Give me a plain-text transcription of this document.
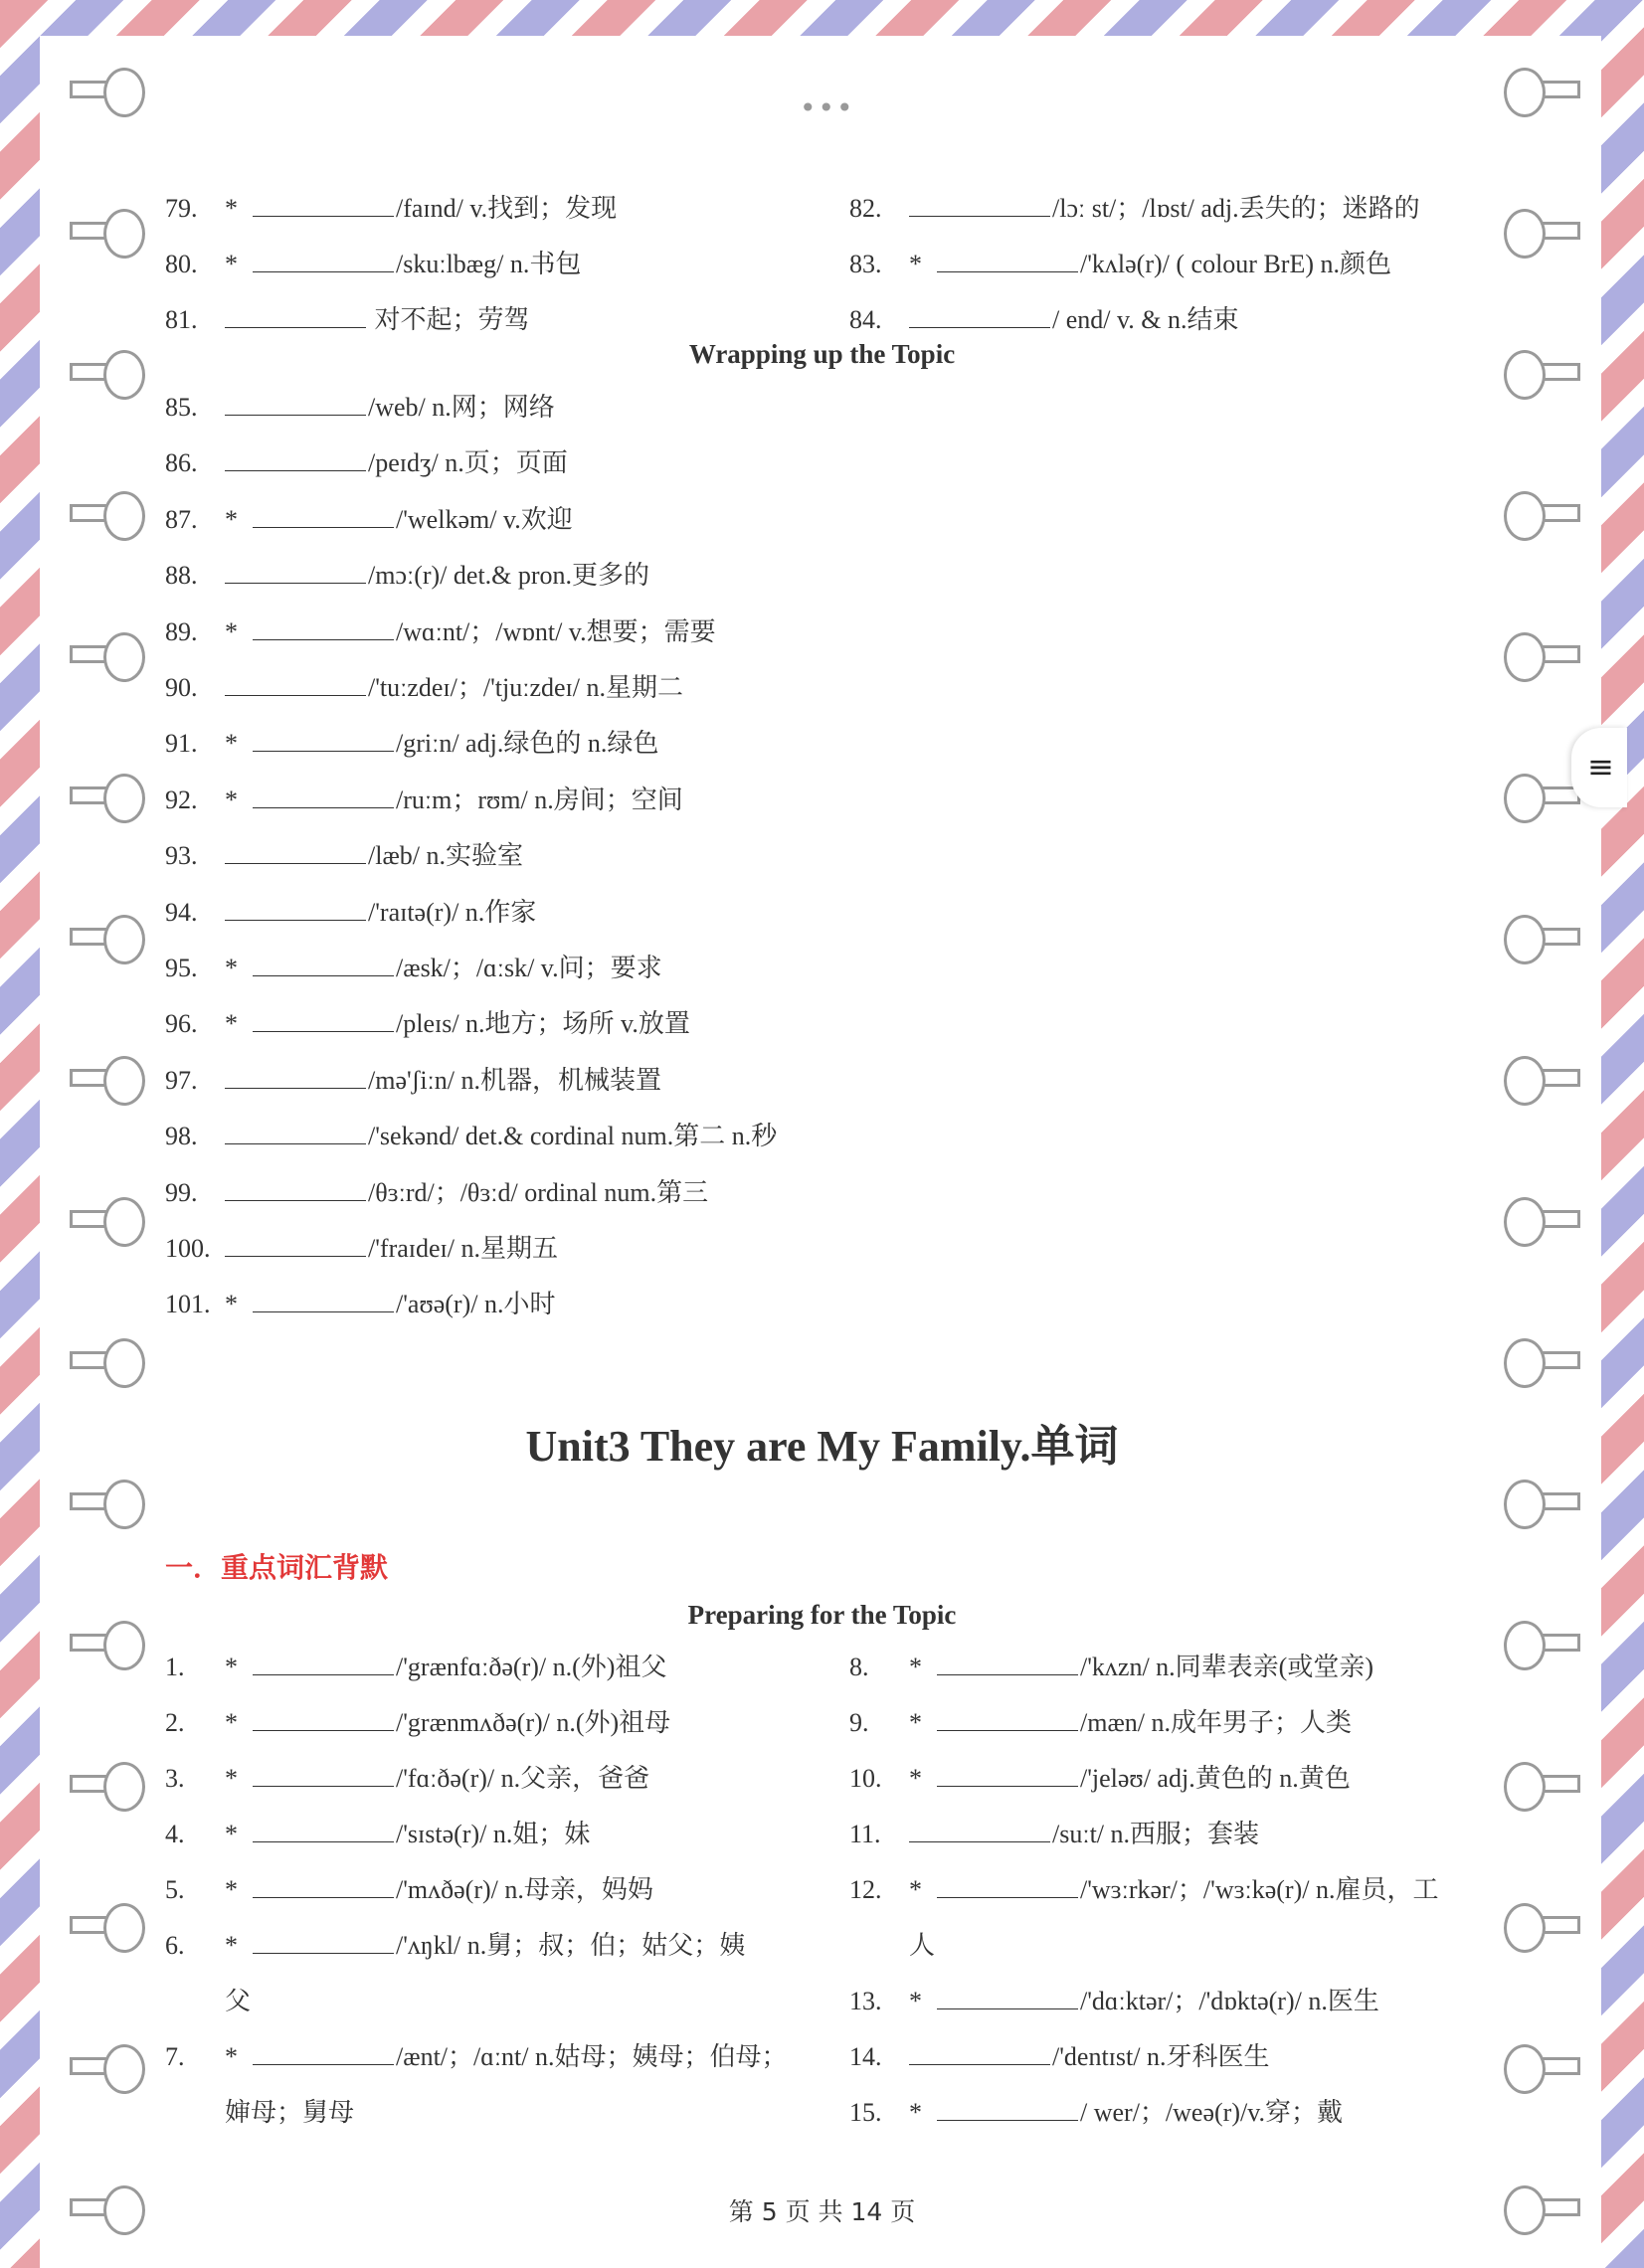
•••
≡
Wrapping up the Topic
Unit3 They are My Family.单词
一．重点词汇背默
Preparing for the Topic
79. *	/faɪnd/ v.找到；发现
80. *	/skuːlbæg/ n.书包
81.	对不起；劳驾
82.	/lɔː st/；/lɒst/ adj.丢失的；迷路的
83. *	/'kʌlə(r)/ ( colour BrE) n.颜色
84.	/ end/ v. & n.结束
85.	/web/ n.网；网络
86.	/peɪdʒ/ n.页；页面
87. *	/'welkəm/ v.欢迎
88.	/mɔː(r)/ det.& pron.更多的
89. *	/wɑːnt/；/wɒnt/ v.想要；需要
90.	/'tuːzdeɪ/；/'tjuːzdeɪ/ n.星期二
91. *	/griːn/ adj.绿色的 n.绿色
92. *	/ruːm；rʊm/ n.房间；空间
93.	/læb/ n.实验室
94.	/'raɪtə(r)/ n.作家
95. *	/æsk/；/ɑːsk/ v.问；要求
96. *	/pleɪs/ n.地方；场所 v.放置
97.	/mə'ʃiːn/ n.机器，机械装置
98.	/'sekənd/ det.& cordinal num.第二 n.秒
99.	/θɜːrd/；/θɜːd/ ordinal num.第三
100.	/'fraɪdeɪ/ n.星期五
101. *	/'aʊə(r)/ n.小时
1. *	/'grænfɑːðə(r)/ n.(外)祖父
2. *	/'grænmʌðə(r)/ n.(外)祖母
3. *	/'fɑːðə(r)/ n.父亲，爸爸
4. *	/'sɪstə(r)/ n.姐；妹
5. *	/'mʌðə(r)/ n.母亲，妈妈
6. *	/'ʌŋkl/ n.舅；叔；伯；姑父；姨
父
7. *	/ænt/；/ɑːnt/ n.姑母；姨母；伯母；
婶母；舅母
8. *	/'kʌzn/ n.同辈表亲(或堂亲)
9. *	/mæn/ n.成年男子；人类
10. *	/'jeləʊ/ adj.黄色的 n.黄色
11.	/suːt/ n.西服；套装
12. *	/'wɜːrkər/；/'wɜːkə(r)/ n.雇员，工
人
13. *	/'dɑːktər/；/'dɒktə(r)/ n.医生
14.	/'dentɪst/ n.牙科医生
15. *	/ wer/；/weə(r)/v.穿；戴
第 5 页 共 14 页
